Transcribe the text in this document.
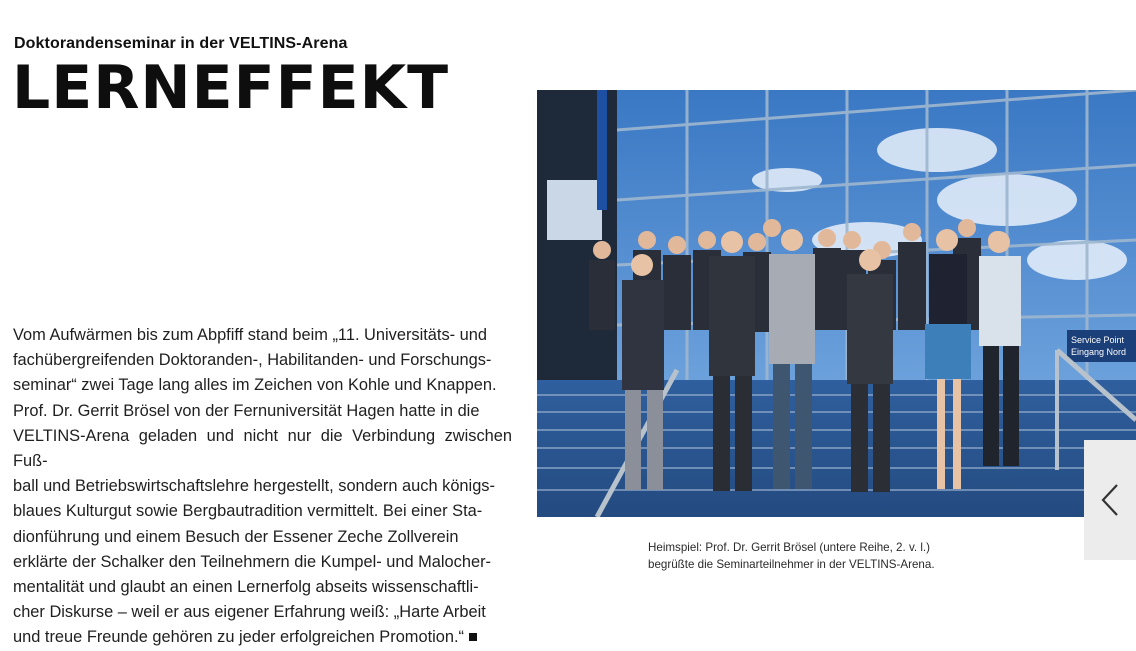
Doktorandenseminar in der VELTINS-Arena
LERNEFFEKT
Vom Aufwärmen bis zum Abpfiff stand beim „11. Universitäts- und
fachübergreifenden Doktoranden-, Habilitanden- und Forschungs-
seminar“ zwei Tage lang alles im Zeichen von Kohle und Knappen.
Prof. Dr. Gerrit Brösel von der Fernuniversität Hagen hatte in die
VELTINS-Arena geladen und nicht nur die Verbindung zwischen Fuß-
ball und Betriebswirtschaftslehre hergestellt, sondern auch königs-
blaues Kulturgut sowie Bergbautradition vermittelt. Bei einer Sta-
dionführung und einem Besuch der Essener Zeche Zollverein
erklärte der Schalker den Teilnehmern die Kumpel- und Malocher-
mentalität und glaubt an einen Lernerfolg abseits wissenschaftli-
cher Diskurse – weil er aus eigener Erfahrung weiß: „Harte Arbeit
und treue Freunde gehören zu jeder erfolgreichen Promotion.“
Service Point
Eingang Nord
Heimspiel: Prof. Dr. Gerrit Brösel (untere Reihe, 2. v. l.)
begrüßte die Seminarteilnehmer in der VELTINS-Arena.
